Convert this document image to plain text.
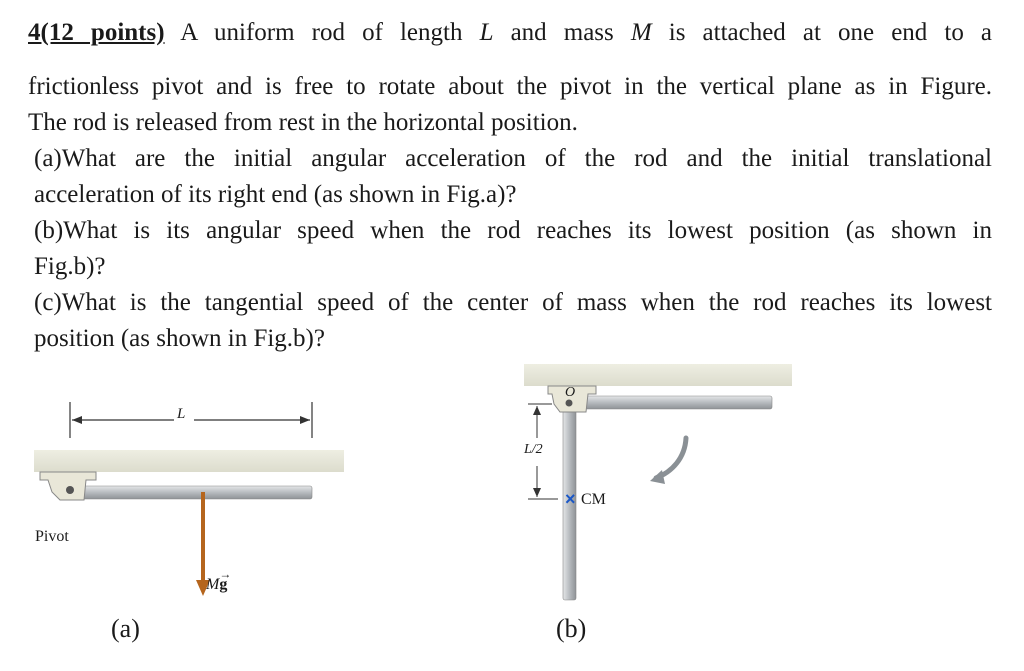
4(12 points) A uniform rod of length L and mass M is attached at one end to a
frictionless pivot and is free to rotate about the pivot in the vertical plane as in Figure.
The rod is released from rest in the horizontal position.
(a)What are the initial angular acceleration of the rod and the initial translational
acceleration of its right end (as shown in Fig.a)?
(b)What is its angular speed when the rod reaches its lowest position (as shown in
Fig.b)?
(c)What is the tangential speed of the center of mass when the rod reaches its lowest
position (as shown in Fig.b)?
L
Pivot
M
→
g
(a)
O
L/2
× CM
(b)
